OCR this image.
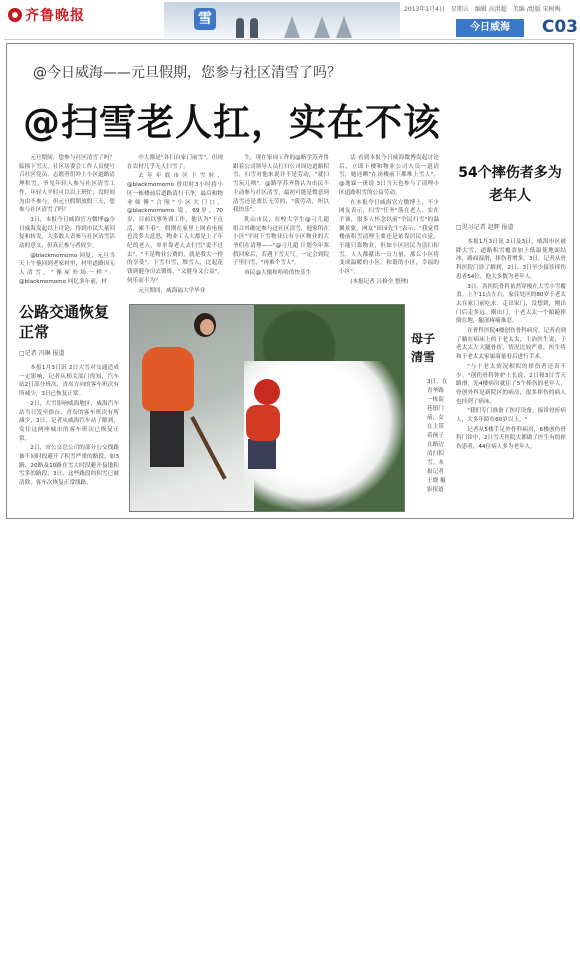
齐鲁晚报	雪
2013年1月4日　星期五　编辑 高洪超　美编 /组版 宋树梅
今日威海	C03
@今日威海——元旦假期，您参与社区清雪了吗？
@扫雪老人扛，实在不该

元旦期间，您参与社区清雪了吗？临撞下雪天，社区居委会工作人员便号召社区党员、志愿者们冲上小区道路清理积雪，爷见年轻人参与社区清雪工作，年轻人平时可以以上班忙，没时间为由不参与，但元旦假期放假三天，您参与社区清雪了吗？

3日，本报今日威海官方微博@今日威海发起以上讨论，得到市民大量回复和转发，大多数人表参与社区清雪活动的意义，但真正参与者较少。

@blackmomomo 回复，元旦当天上午他回到老家村里，村里道路因无人清雪，"像屋外场一样"。@blackmomomo 回忆多年前，村

中大都是"各扫自家门前雪"，但现在农村几乎无人扫雪了。

去年年底市区下雪时，@blackmomomo 曾用时3小时将小区一栋楼前后道路清扫干净，最后和物业师傅"合照"小区大门口，@blackmomomo 说，69岁，70岁，目前以事务训工作，他认为"干点活，累不着"，假期在家里上网看电视也没多大意思，物业工人大都是上了年纪的老人，单单靠老人去扫雪"说不过去"，"不是物业公费的，就是我大一样的享受"。下雪扫雪，堆雪人，比起花钱到健身房去锻炼，"又健身又公益"，何乐而不为？

元旦期间，威海福大学毕业

生，现在家周工作的@路学苏齐鲁跟着公司领导人员打扫公司周边道路积雪，扫雪对他来说并不是劳动，"就扫雪玩儿呗"。@路学苏齐鲁认为市民不主动参与社区清雪，最初可能是惯意到清雪还是离长无劳的，"我劳动，所以我快乐"。

乳山市民，在校大学生@刁儿超 组合其确定参与过社区清雪，他家所在小区"平时下雪物业只有小区物业的大爷们在清理——"@刁儿超 计划今年寒假回家后，若遇下雪天气，一定会到院子里扫雪，"再难个雪人"。

市民@大傻和哈哈的快乐生

活 看到本报今日威海微博发起讨论后，立即下楼和物业公司人员一道清雪，她还晒"在岗楼前下都堆上雪人"。@逸霖一斑说 3日当天也参与了清理小区道路积雪的公益劳动。

在本报今日威海官方微博上，不少网友表示，扫雪"任务"落在老人，实在不该，很多人怀念以前"全民扫雪"的温馨景象，网友"田园先生"表示："我觉得楼前积雪清理主要还是依靠居民自觉，不能只靠物业，但如小区居民为清扫积雪，人人都献出一点力量，那么小区将变成温暖的小区，和谐的小区，幸福的小区"。

(本报记者 吕修全 整理)

公路交通恢复正常
□记者 冯琳 报道

本报1月3日讯 2日大雪对交通造成一定影响，记者从相关部门得知，汽车站2日部分班次，青岛方向的客车班次有所减少，3日已恢复正常。

2日，大雪影响威海地区，威海汽车站当日发至俗台、青岛的客车班次有所减少，3日，记者从威海汽车站了解到，发往这两座城市的客车班次已恢复正常。

2日，市公交总公司的部分公交线路被不同时段避开了积雪严重的路段，如3路、20路及10路在雪大时段避开接地积雪多的路段，3日，这些路段的积雪已被清除，客车次恢复正常线路。

54个摔伤者多为老年人
□见习记者 赵辉 报道

本报1月3日讯 2日及3日，威海市区被降大雪，道路积雪覆盖加上低温使地面结冰，路面湿滑，摔伤者增多。3日，记者从骨科医院门诊了解到，2日、3日至少接诊摔伤患者54位，他大多数为老年人。

3日，各医院骨科依然穿梭在大雪小雪覆盖。上午11点左右，家住处区的80岁于老太太在家门前吃水。走出家门，没想到，刚出门后走多远，刚出门，于老太太一个踉跄摔倒在地，腿部疼痛难忍。

在骨科医院4楼创伤骨科病房，记者看到了躺在病床上的于老太太，主治医生说，于老太太左大腿骨折，情况比较严重，医生将和于老太太家属商量看后进行手术。

"与于老太情况相似的摔伤者还真不少。"创伤骨科钟护士长说，2日和3日雪天路滑，光4楼病房就住了5个摔伤的老年人，骨创外科是新院区的病房，很多摔伤的病人也挂到了病床。

"我们专门准备了医疗设备，接诊骨折病人，大多年龄在60岁以上。"

记者从5楼手足外骨科病房，6楼创伤骨科门诊中，2日雪天医院大都做了医生有的摔伤患者，44位病人多为老年人。

母子清雪

3日，在青华路一栋街巷镇门前，女在主带着孩子在路边清扫积雪。本报记者 王晓 摄影报道
